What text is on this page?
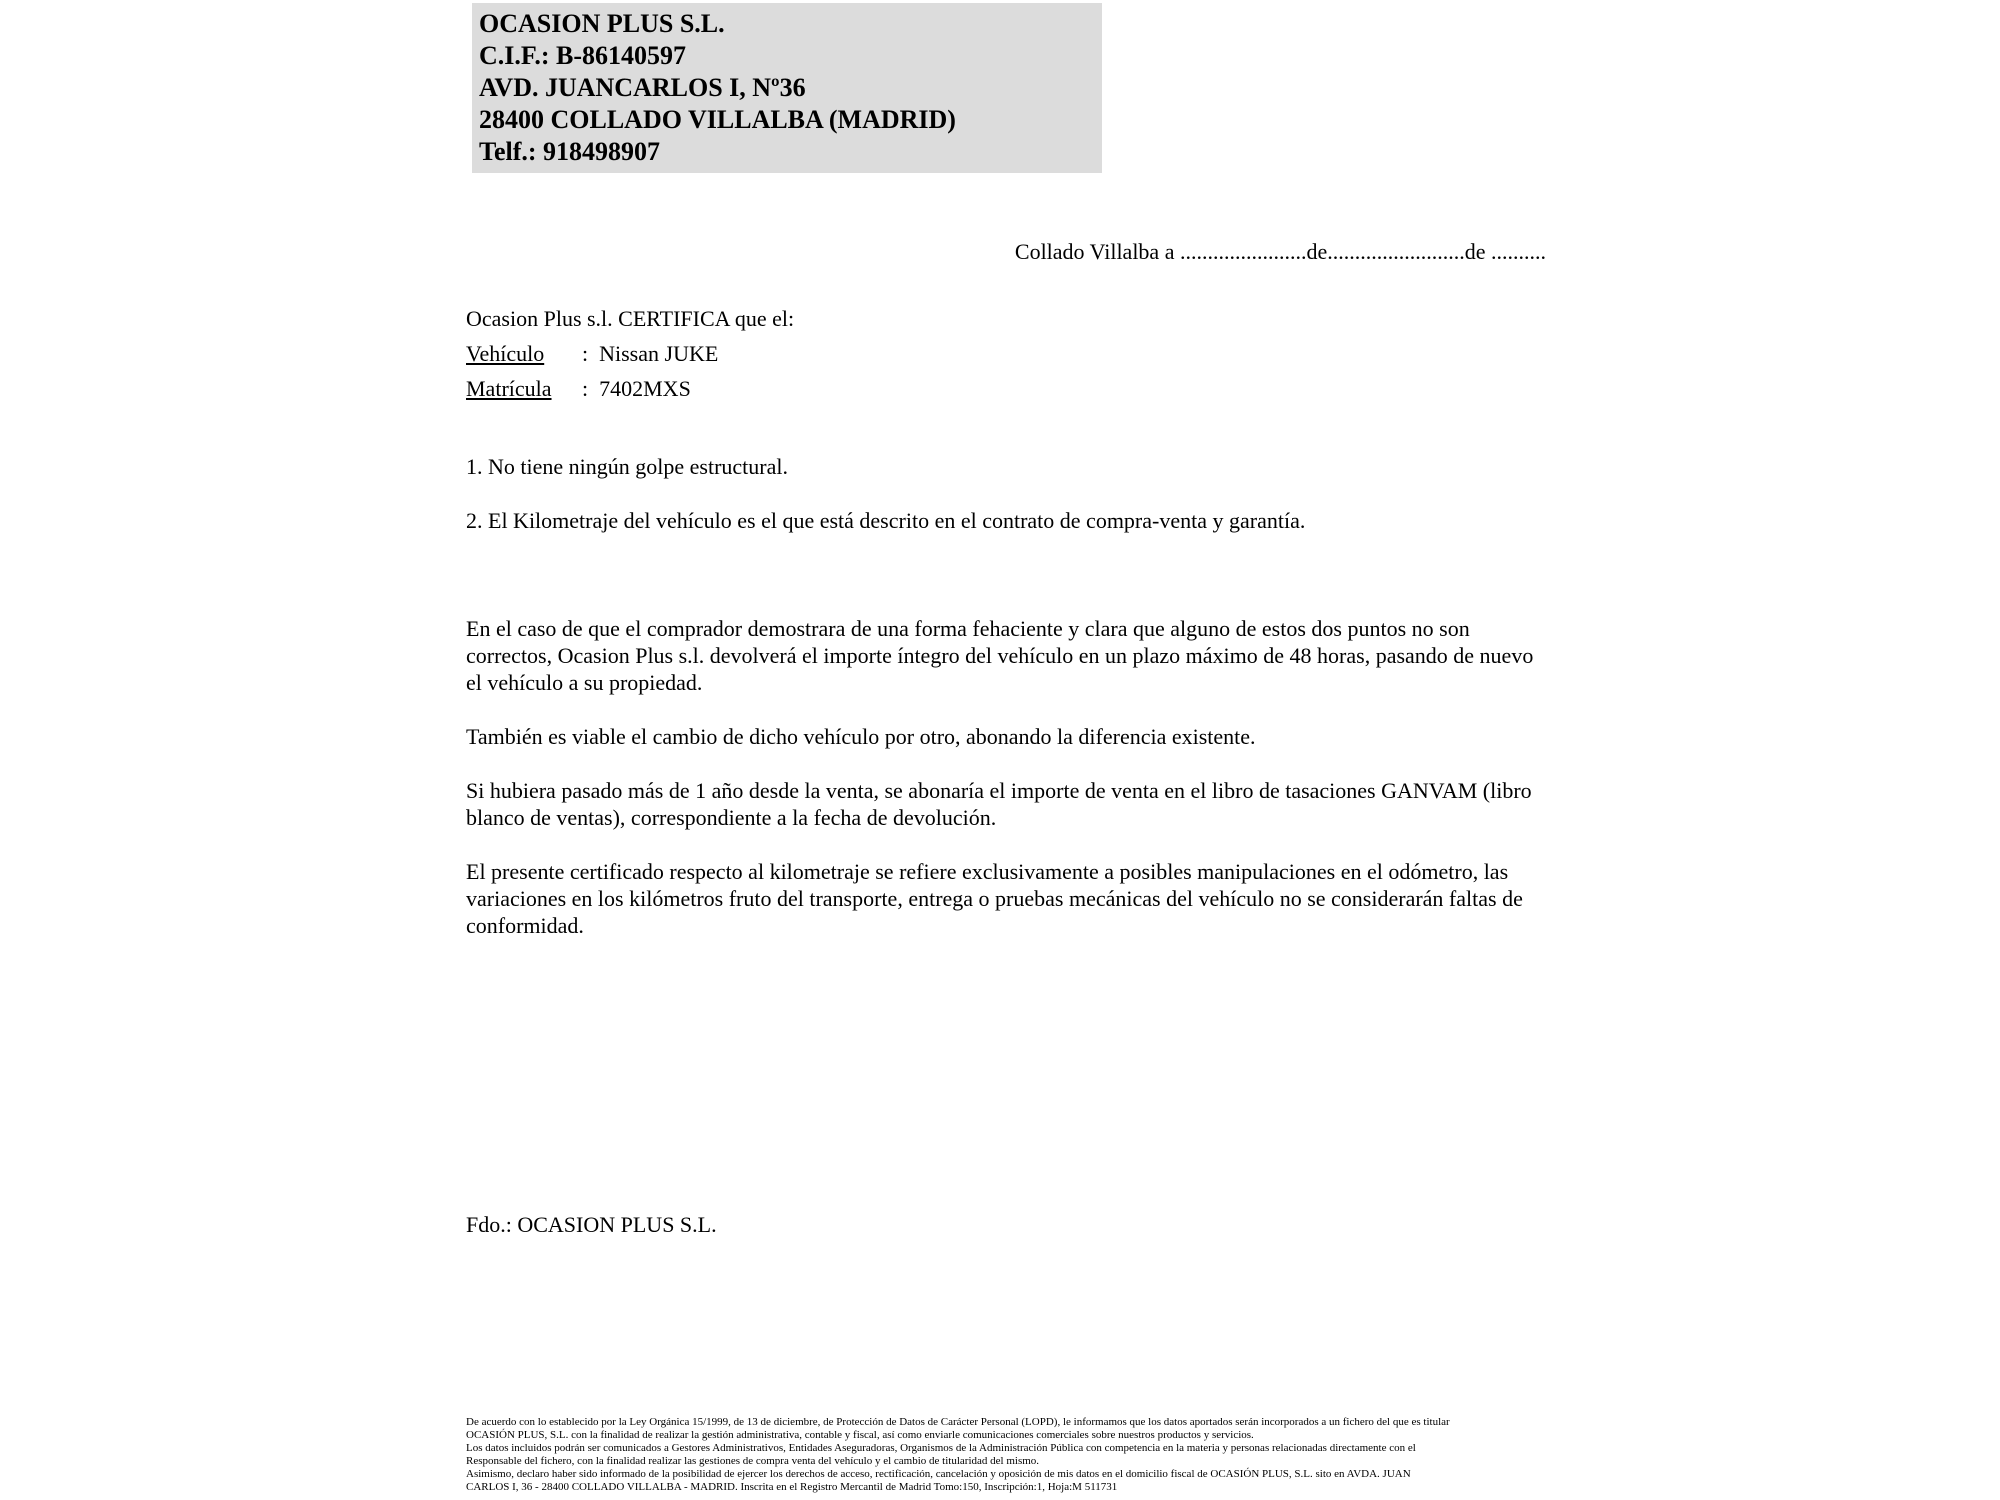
OCASION PLUS S.L.
C.I.F.: B-86140597
AVD. JUANCARLOS I, Nº36
28400 COLLADO VILLALBA (MADRID)
Telf.: 918498907
Collado Villalba a .......................de.........................de ..........
Ocasion Plus s.l. CERTIFICA que el:
Vehículo : Nissan JUKE
Matrícula : 7402MXS
1. No tiene ningún golpe estructural.
2. El Kilometraje del vehículo es el que está descrito en el contrato de compra-venta y garantía.
En el caso de que el comprador demostrara de una forma fehaciente y clara que alguno de estos dos puntos no son correctos, Ocasion Plus s.l. devolverá el importe íntegro del vehículo en un plazo máximo de 48 horas, pasando de nuevo el vehículo a su propiedad.
También es viable el cambio de dicho vehículo por otro, abonando la diferencia existente.
Si hubiera pasado más de 1 año desde la venta, se abonaría el importe de venta en el libro de tasaciones GANVAM (libro blanco de ventas), correspondiente a la fecha de devolución.
El presente certificado respecto al kilometraje se refiere exclusivamente a posibles manipulaciones en el odómetro, las variaciones en los kilómetros fruto del transporte, entrega o pruebas mecánicas del vehículo no se considerarán faltas de conformidad.
Fdo.: OCASION PLUS S.L.
De acuerdo con lo establecido por la Ley Orgánica 15/1999, de 13 de diciembre, de Protección de Datos de Carácter Personal (LOPD), le informamos que los datos aportados serán incorporados a un fichero del que es titular
OCASIÓN PLUS, S.L. con la finalidad de realizar la gestión administrativa, contable y fiscal, así como enviarle comunicaciones comerciales sobre nuestros productos y servicios.
Los datos incluidos podrán ser comunicados a Gestores Administrativos, Entidades Aseguradoras, Organismos de la Administración Pública con competencia en la materia y personas relacionadas directamente con el
Responsable del fichero, con la finalidad realizar las gestiones de compra venta del vehículo y el cambio de titularidad del mismo.
Asimismo, declaro haber sido informado de la posibilidad de ejercer los derechos de acceso, rectificación, cancelación y oposición de mis datos en el domicilio fiscal de OCASIÓN PLUS, S.L. sito en AVDA. JUAN
CARLOS I, 36 - 28400 COLLADO VILLALBA - MADRID. Inscrita en el Registro Mercantil de Madrid Tomo:150, Inscripción:1, Hoja:M 511731
